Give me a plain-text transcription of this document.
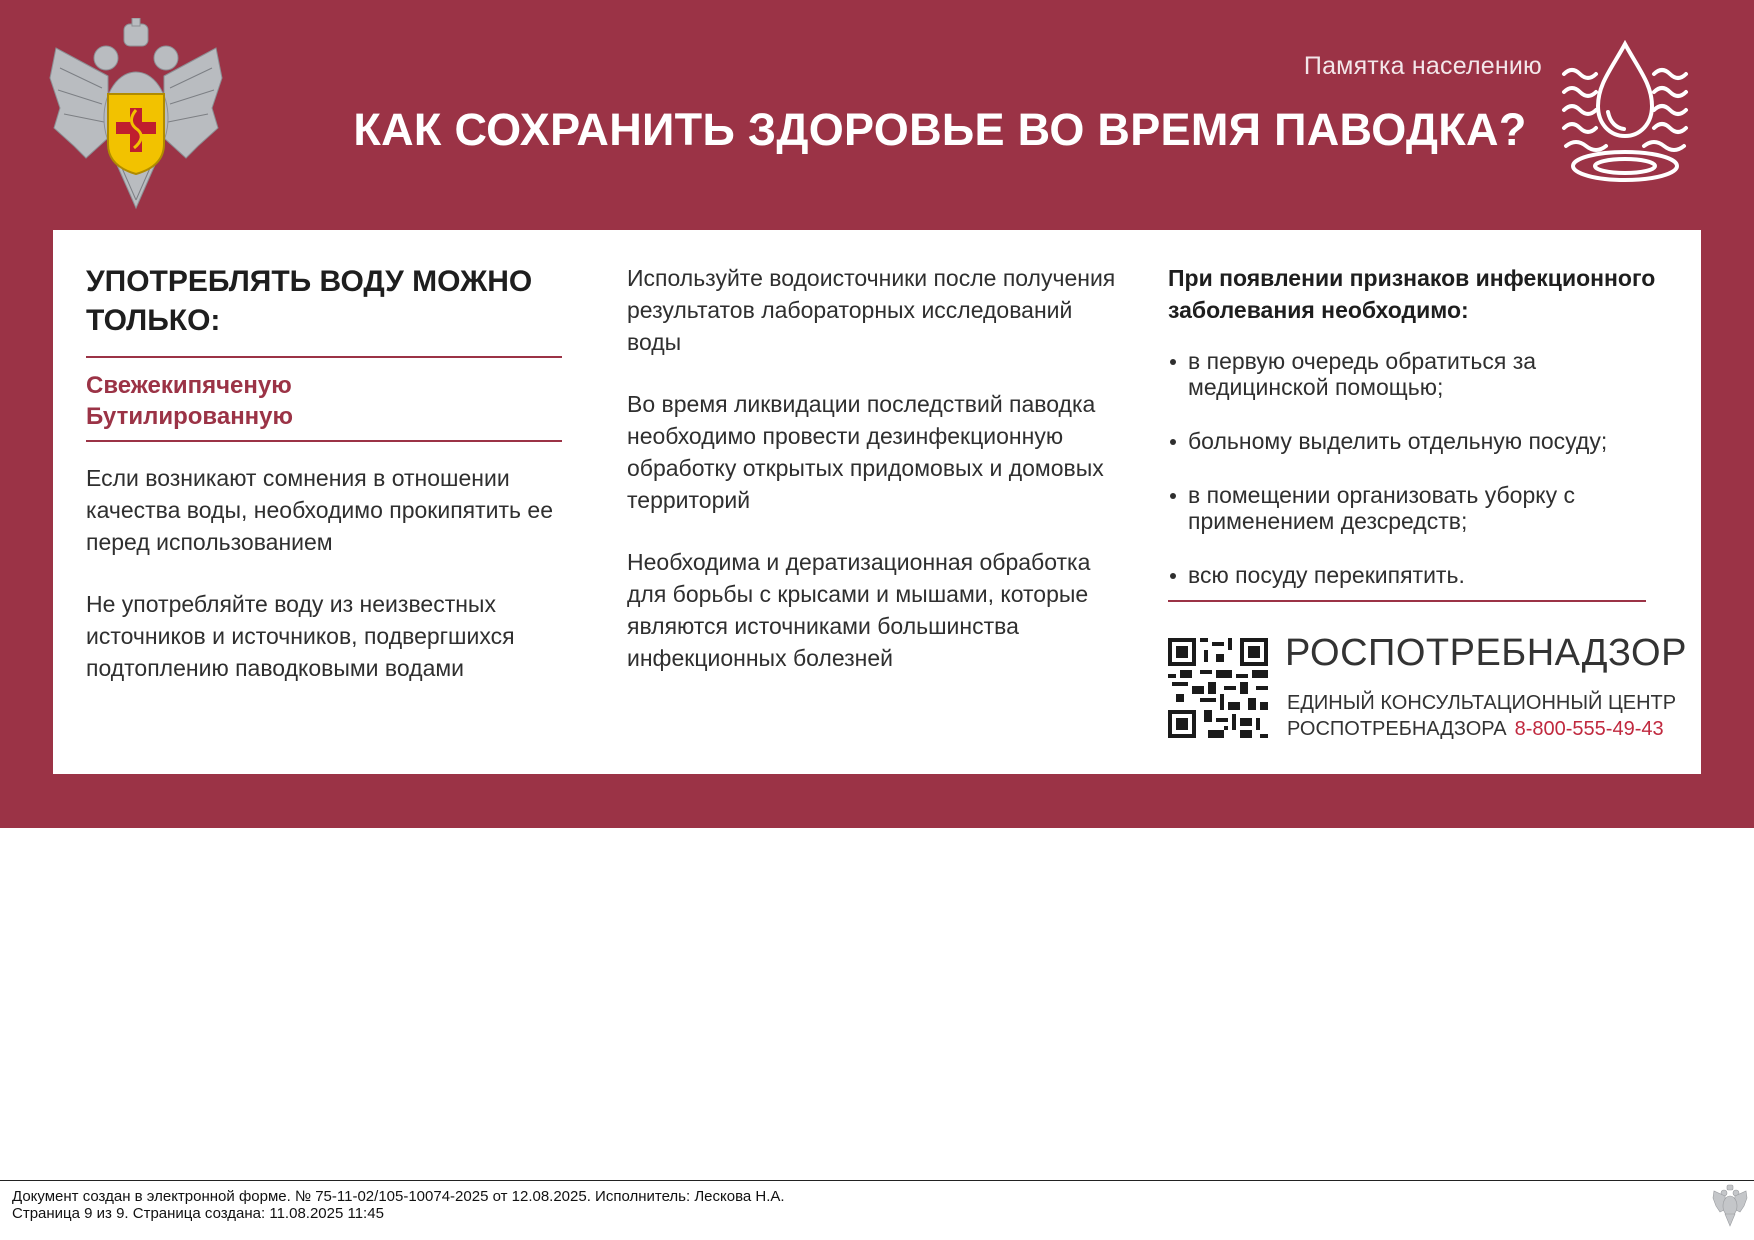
Памятка населению
КАК СОХРАНИТЬ ЗДОРОВЬЕ ВО ВРЕМЯ ПАВОДКА?

УПОТРЕБЛЯТЬ ВОДУ МОЖНО ТОЛЬКО:

Свежекипяченую
Бутилированную

Если возникают сомнения в отношении качества воды, необходимо прокипятить ее перед использованием

Не употребляйте воду из неизвестных источников и источников, подвергшихся подтоплению паводковыми водами

Используйте водоисточники после получения результатов лабораторных исследований воды

Во время ликвидации последствий паводка необходимо провести дезинфекционную обработку открытых придомовых и домовых территорий

Необходима и дератизационная обработка для борьбы с крысами и мышами, которые являются источниками большинства инфекционных болезней

При появлении признаков инфекционного заболевания необходимо:

в первую очередь обратиться за медицинской помощью;
больному выделить отдельную посуду;
в помещении организовать уборку с применением дезсредств;
всю посуду перекипятить.
РОСПОТРЕБНАДЗОР
ЕДИНЫЙ КОНСУЛЬТАЦИОННЫЙ ЦЕНТР
РОСПОТРЕБНАДЗОРА 8-800-555-49-43
Документ создан в электронной форме. № 75-11-02/105-10074-2025 от 12.08.2025. Исполнитель: Лескова Н.А.
Страница 9 из 9. Страница создана: 11.08.2025 11:45
